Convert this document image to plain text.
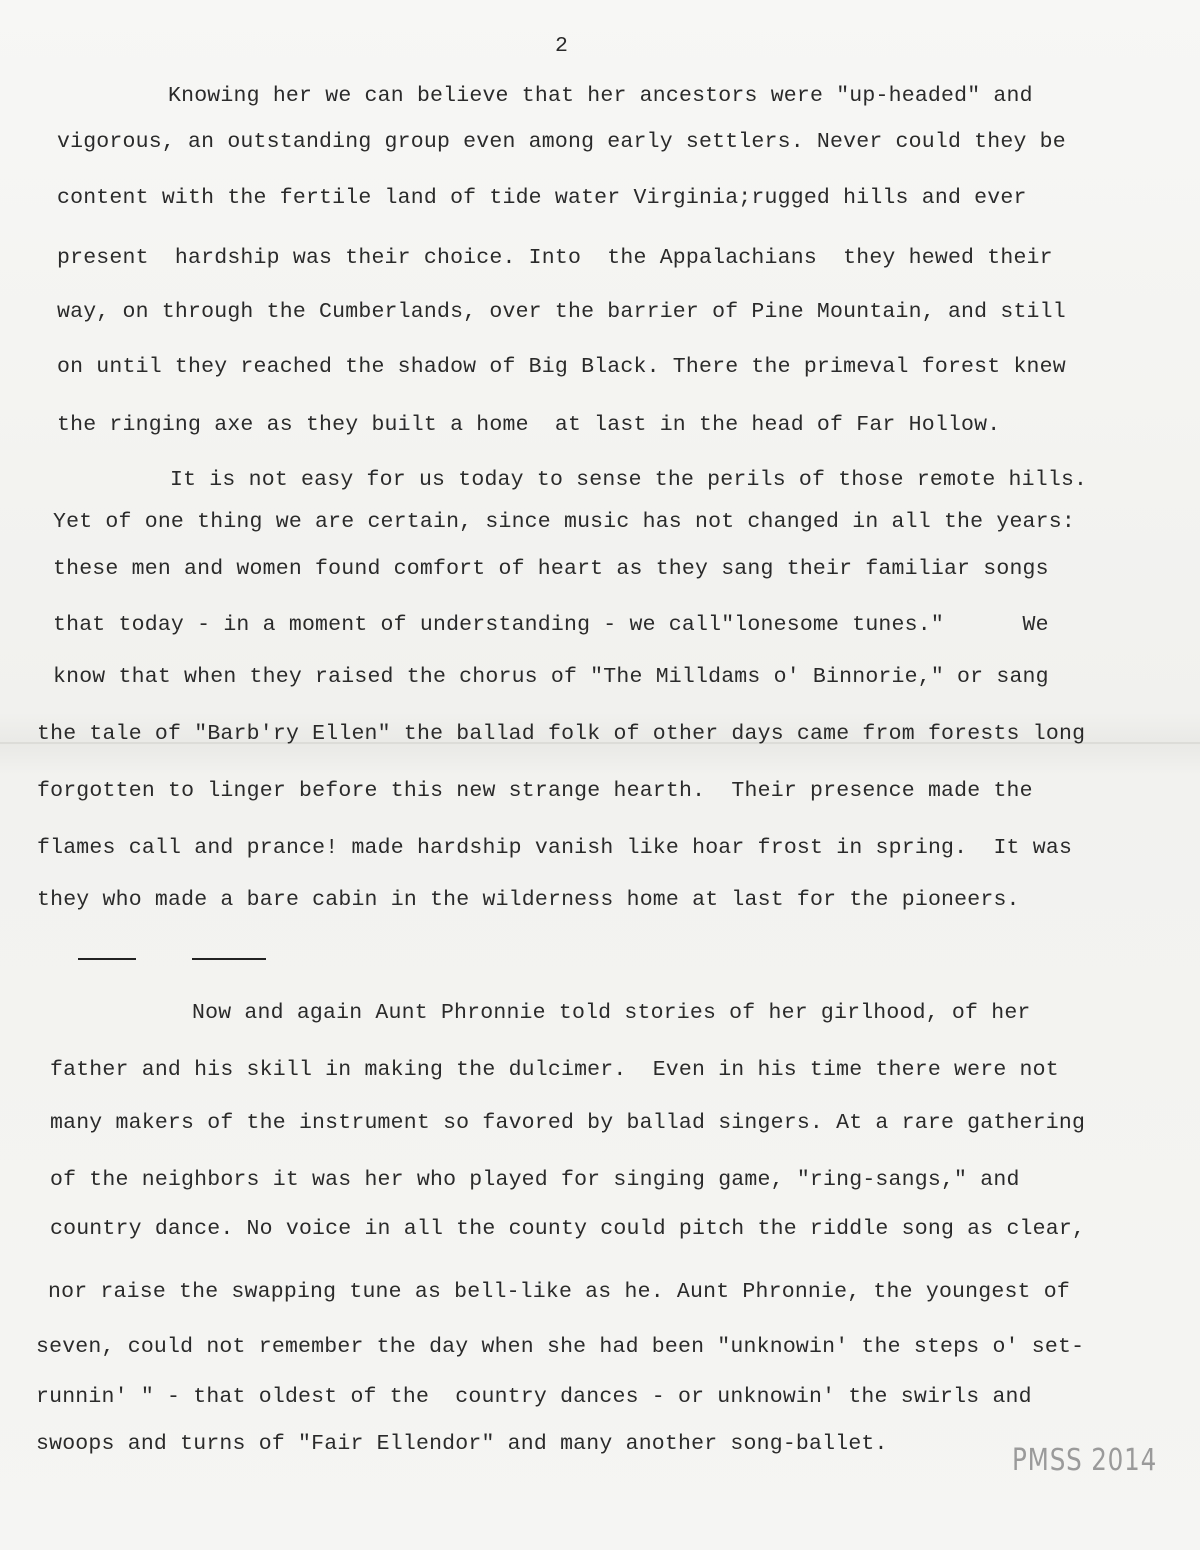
2
Knowing her we can believe that her ancestors were "up-headed" and
vigorous, an outstanding group even among early settlers. Never could they be
content with the fertile land of tide water Virginia;rugged hills and ever
present  hardship was their choice. Into  the Appalachians  they hewed their
way, on through the Cumberlands, over the barrier of Pine Mountain, and still
on until they reached the shadow of Big Black. There the primeval forest knew
the ringing axe as they built a home  at last in the head of Far Hollow.
It is not easy for us today to sense the perils of those remote hills.
Yet of one thing we are certain, since music has not changed in all the years:
these men and women found comfort of heart as they sang their familiar songs
that today - in a moment of understanding - we call"lonesome tunes."      We
know that when they raised the chorus of "The Milldams o' Binnorie," or sang
the tale of "Barb'ry Ellen" the ballad folk of other days came from forests long
forgotten to linger before this new strange hearth.  Their presence made the
flames call and prance! made hardship vanish like hoar frost in spring.  It was
they who made a bare cabin in the wilderness home at last for the pioneers.
Now and again Aunt Phronnie told stories of her girlhood, of her
father and his skill in making the dulcimer.  Even in his time there were not
many makers of the instrument so favored by ballad singers. At a rare gathering
of the neighbors it was her who played for singing game, "ring-sangs," and
country dance. No voice in all the county could pitch the riddle song as clear,
nor raise the swapping tune as bell-like as he. Aunt Phronnie, the youngest of
seven, could not remember the day when she had been "unknowin' the steps o' set-
runnin' " - that oldest of the  country dances - or unknowin' the swirls and
swoops and turns of "Fair Ellendor" and many another song-ballet.	PMSS 2014
